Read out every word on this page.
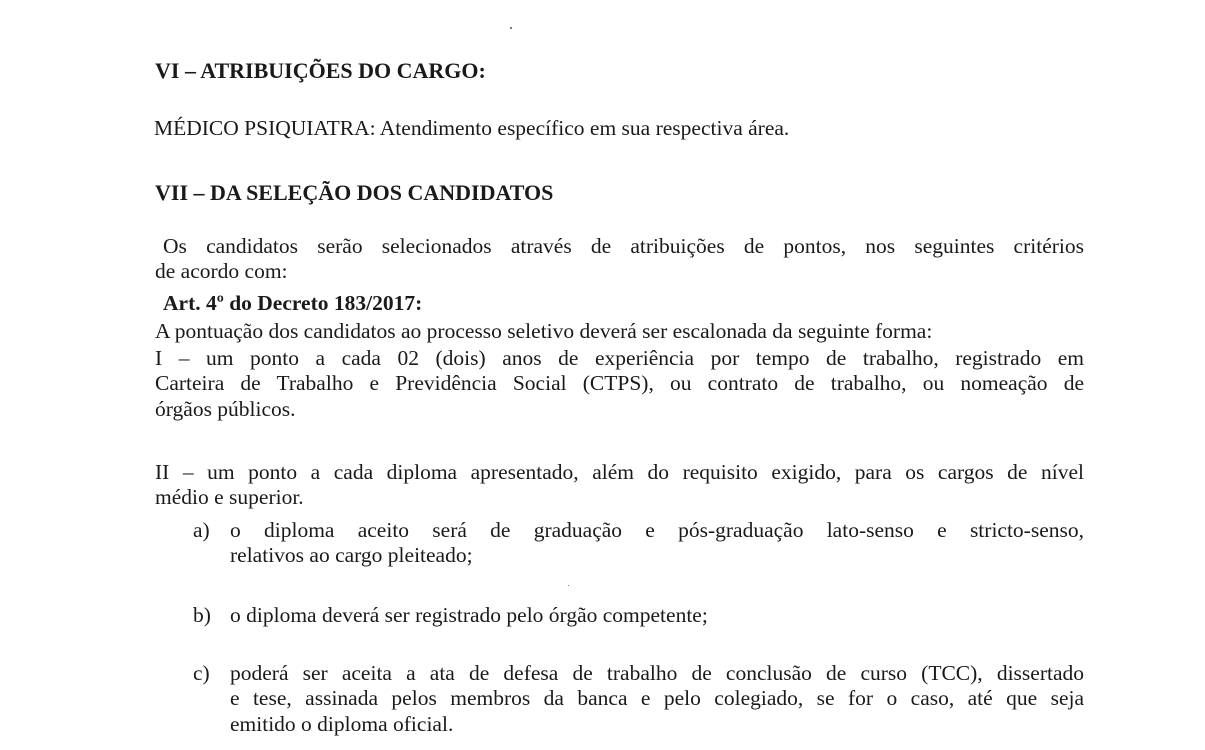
VI – ATRIBUIÇÕES DO CARGO:

MÉDICO PSIQUIATRA: Atendimento específico em sua respectiva área.

VII – DA SELEÇÃO DOS CANDIDATOS
Os candidatos serão selecionados através de atribuições de pontos, nos seguintes critérios
de acordo com:

Art. 4º do Decreto 183/2017:

A pontuação dos candidatos ao processo seletivo deverá ser escalonada da seguinte forma:

I – um ponto a cada 02 (dois) anos de experiência por tempo de trabalho, registrado em
Carteira de Trabalho e Previdência Social (CTPS), ou contrato de trabalho, ou nomeação de
órgãos públicos.
II – um ponto a cada diploma apresentado, além do requisito exigido, para os cargos de nível
médio e superior.
a) o diploma aceito será de graduação e pós-graduação lato-senso e stricto-senso,
relativos ao cargo pleiteado;
b) o diploma deverá ser registrado pelo órgão competente;
c) poderá ser aceita a ata de defesa de trabalho de conclusão de curso (TCC), dissertado
e tese, assinada pelos membros da banca e pelo colegiado, se for o caso, até que seja
emitido o diploma oficial.
